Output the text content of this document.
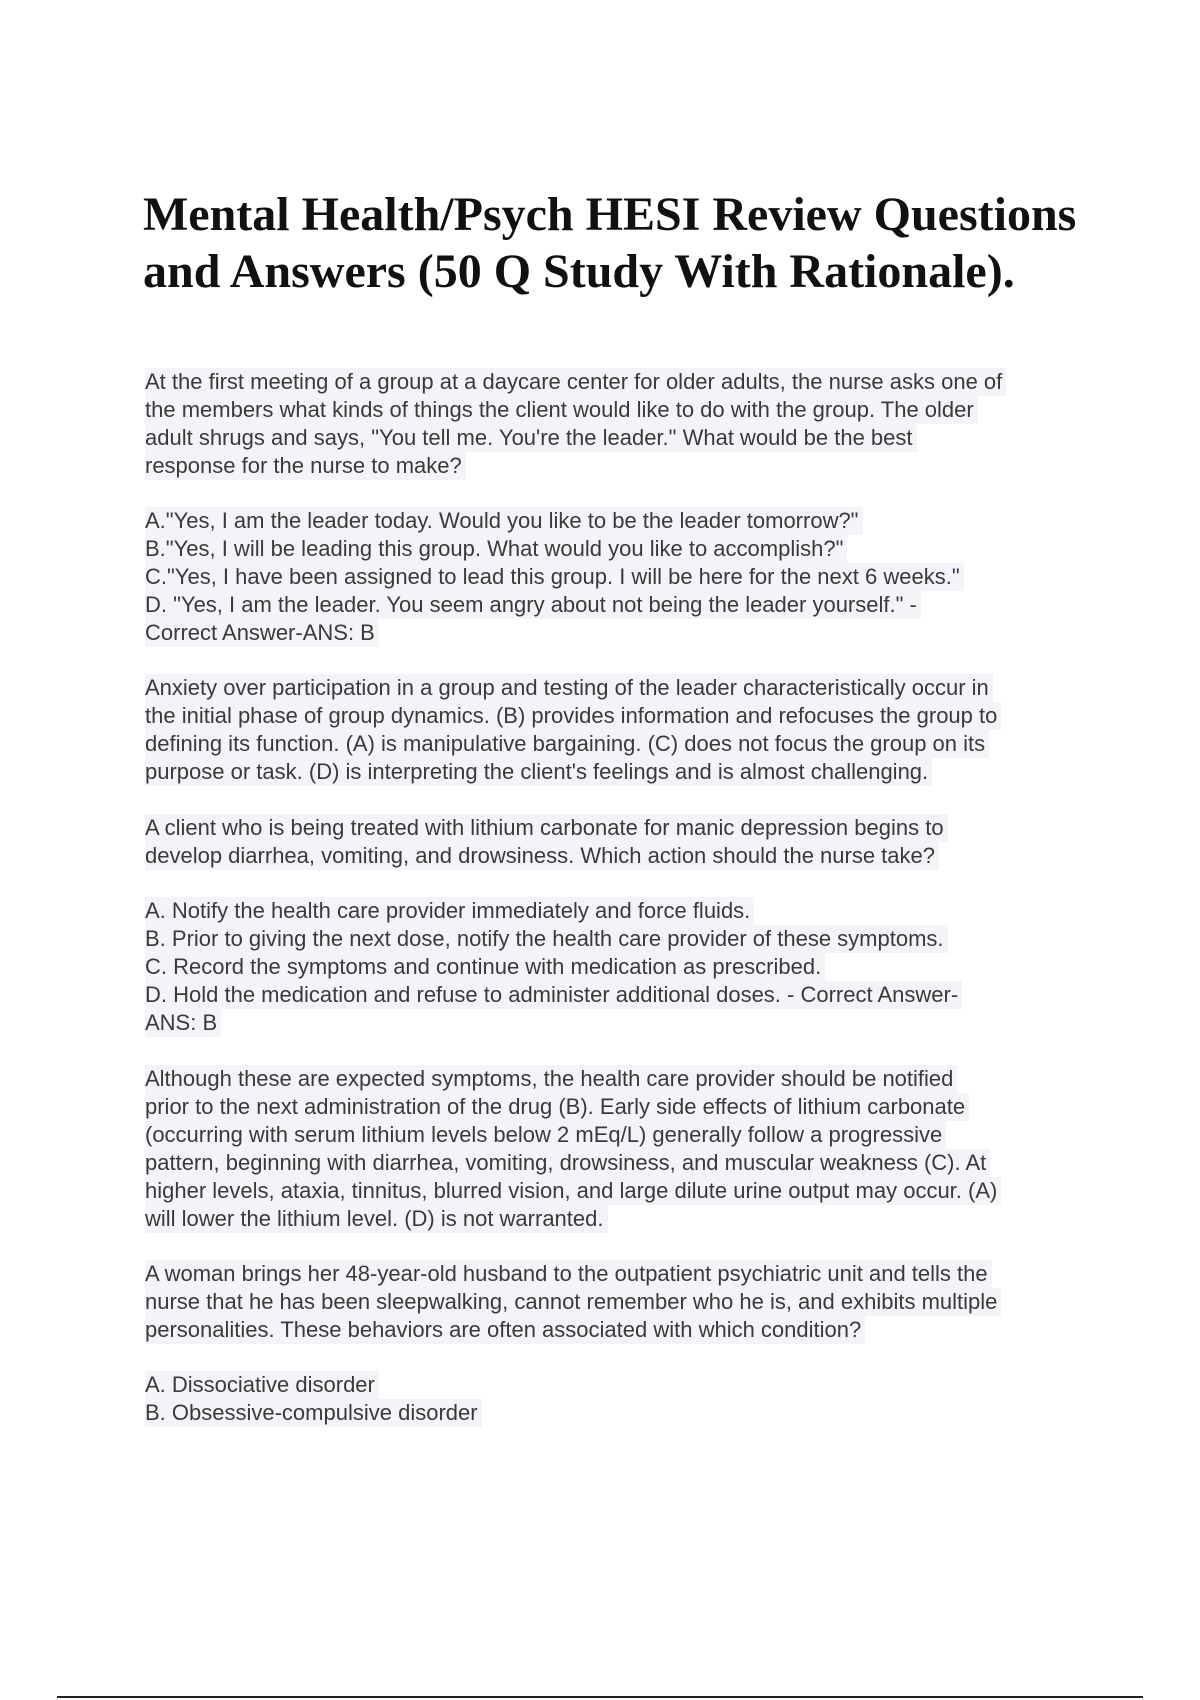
Mental Health/Psych HESI Review Questions
and Answers (50 Q Study With Rationale).
At the first meeting of a group at a daycare center for older adults, the nurse asks one of
the members what kinds of things the client would like to do with the group. The older
adult shrugs and says, "You tell me. You're the leader." What would be the best
response for the nurse to make?
A."Yes, I am the leader today. Would you like to be the leader tomorrow?"
B."Yes, I will be leading this group. What would you like to accomplish?"
C."Yes, I have been assigned to lead this group. I will be here for the next 6 weeks."
D. "Yes, I am the leader. You seem angry about not being the leader yourself." -
Correct Answer-ANS: B
Anxiety over participation in a group and testing of the leader characteristically occur in
the initial phase of group dynamics. (B) provides information and refocuses the group to
defining its function. (A) is manipulative bargaining. (C) does not focus the group on its
purpose or task. (D) is interpreting the client's feelings and is almost challenging.
A client who is being treated with lithium carbonate for manic depression begins to
develop diarrhea, vomiting, and drowsiness. Which action should the nurse take?
A. Notify the health care provider immediately and force fluids.
B. Prior to giving the next dose, notify the health care provider of these symptoms.
C. Record the symptoms and continue with medication as prescribed.
D. Hold the medication and refuse to administer additional doses. - Correct Answer-
ANS: B
Although these are expected symptoms, the health care provider should be notified
prior to the next administration of the drug (B). Early side effects of lithium carbonate
(occurring with serum lithium levels below 2 mEq/L) generally follow a progressive
pattern, beginning with diarrhea, vomiting, drowsiness, and muscular weakness (C). At
higher levels, ataxia, tinnitus, blurred vision, and large dilute urine output may occur. (A)
will lower the lithium level. (D) is not warranted.
A woman brings her 48-year-old husband to the outpatient psychiatric unit and tells the
nurse that he has been sleepwalking, cannot remember who he is, and exhibits multiple
personalities. These behaviors are often associated with which condition?
A. Dissociative disorder
B. Obsessive-compulsive disorder
